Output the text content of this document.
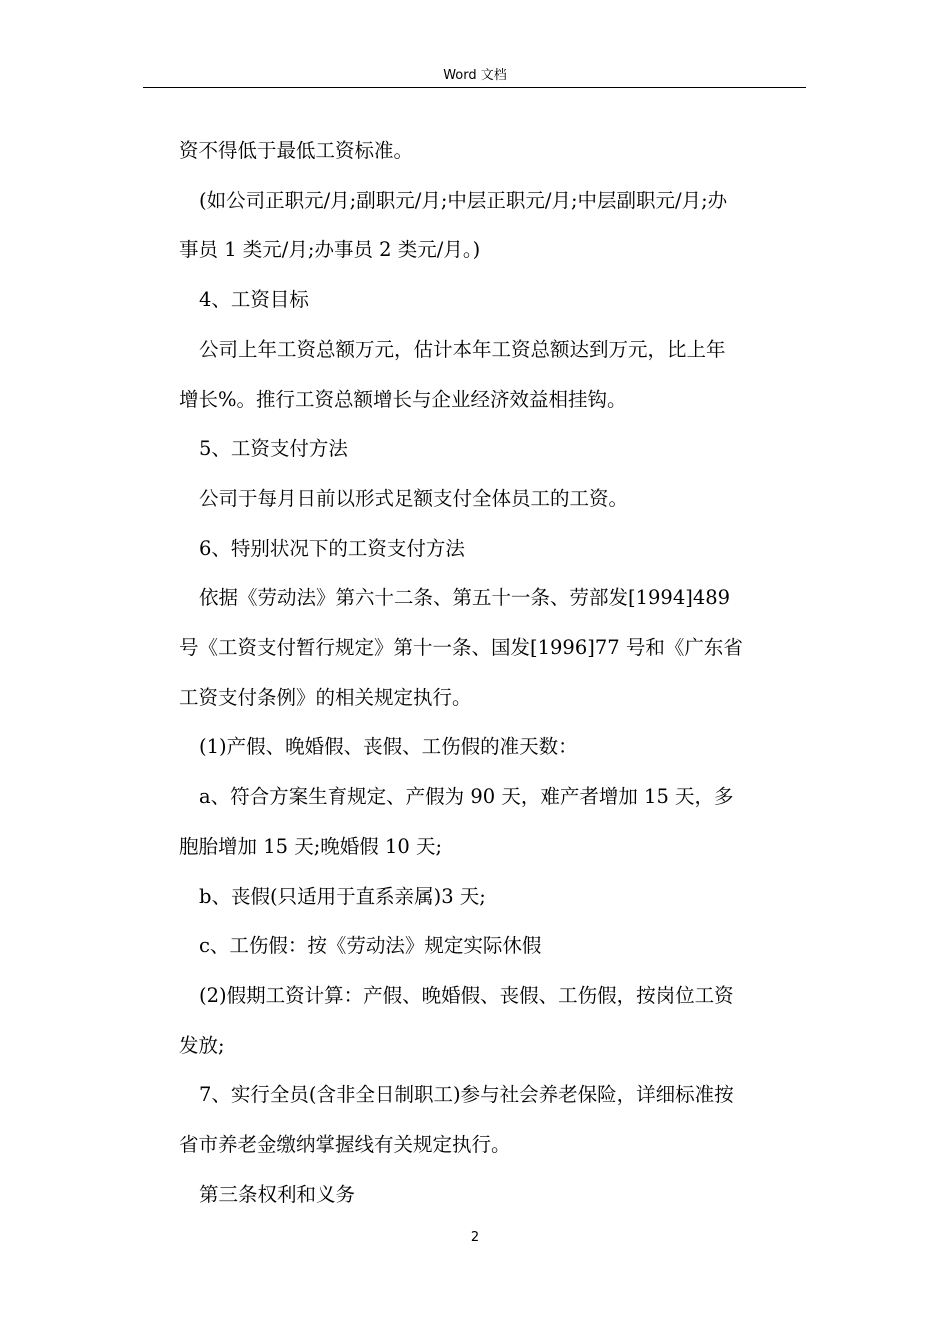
Word 文档

资不得低于最低工资标准。

(如公司正职元/月;副职元/月;中层正职元/月;中层副职元/月;办

事员 1 类元/月;办事员 2 类元/月。)

4、工资目标

公司上年工资总额万元，估计本年工资总额达到万元，比上年

增长%。推行工资总额增长与企业经济效益相挂钩。

5、工资支付方法

公司于每月日前以形式足额支付全体员工的工资。

6、特别状况下的工资支付方法

依据《劳动法》第六十二条、第五十一条、劳部发[1994]489

号《工资支付暂行规定》第十一条、国发[1996]77 号和《广东省

工资支付条例》的相关规定执行。

(1)产假、晚婚假、丧假、工伤假的准天数：

a、符合方案生育规定、产假为 90 天，难产者增加 15 天，多

胞胎增加 15 天;晚婚假 10 天;

b、丧假(只适用于直系亲属)3 天;

c、工伤假：按《劳动法》规定实际休假

(2)假期工资计算：产假、晚婚假、丧假、工伤假，按岗位工资

发放;

7、实行全员(含非全日制职工)参与社会养老保险，详细标准按

省市养老金缴纳掌握线有关规定执行。

第三条权利和义务

2
